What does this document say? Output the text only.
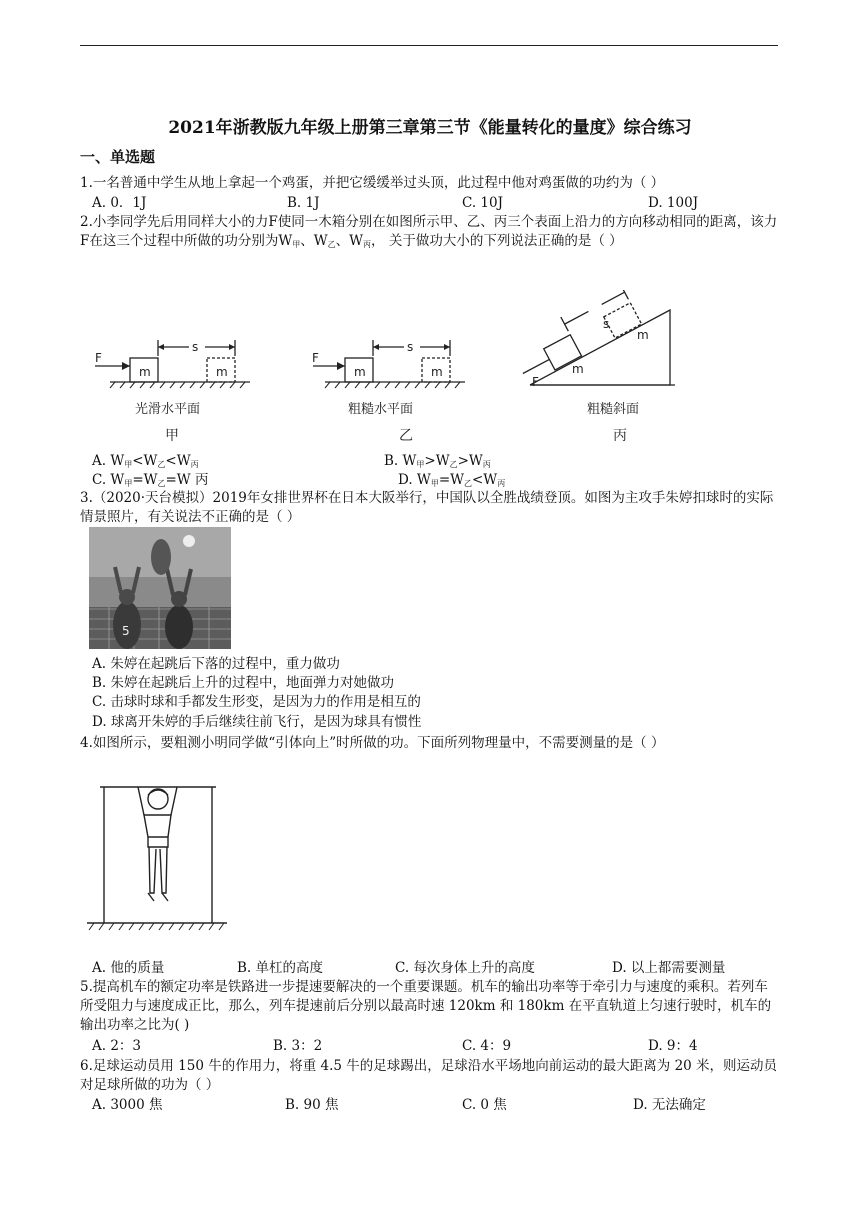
2021年浙教版九年级上册第三章第三节《能量转化的量度》综合练习
一、单选题
1.一名普通中学生从地上拿起一个鸡蛋，并把它缓缓举过头顶，此过程中他对鸡蛋做的功约为（ ）
A. 0．1J	B. 1J	C. 10J	D. 100J
2.小李同学先后用同样大小的力F使同一木箱分别在如图所示甲、乙、丙三个表面上沿力的方向移动相同的距离，该力F在这三个过程中所做的功分别为$W_甲$、$W_乙$、$W_丙$， 关于做功大小的下列说法正确的是（ ）
F
m
s
m
F
m
s
m
F
m
s
m
光滑水平面	粗糙水平面	粗糙斜面
甲	乙	丙
A. $W_甲<W_乙<W_丙$	B. $W_甲>W_乙>W_丙$
C. $W_甲=W_乙=W$ 丙	D. $W_甲=W_乙<W_丙$
3.（2020·天台模拟）2019年女排世界杯在日本大阪举行，中国队以全胜战绩登顶。如图为主攻手朱婷扣球时的实际情景照片，有关说法不正确的是（ ）
5
A. 朱婷在起跳后下落的过程中，重力做功
B. 朱婷在起跳后上升的过程中，地面弹力对她做功
C. 击球时球和手都发生形变，是因为力的作用是相互的
D. 球离开朱婷的手后继续往前飞行，是因为球具有惯性
4.如图所示，要粗测小明同学做“引体向上”时所做的功。下面所列物理量中，不需要测量的是（ ）
A. 他的质量	B. 单杠的高度	C. 每次身体上升的高度	D. 以上都需要测量
5.提高机车的额定功率是铁路进一步提速要解决的一个重要课题。机车的输出功率等于牵引力与速度的乘积。若列车所受阻力与速度成正比，那么，列车提速前后分别以最高时速 120km 和 180km 在平直轨道上匀速行驶时，机车的输出功率之比为( )
A. 2：3	B. 3：2	C. 4：9	D. 9：4
6.足球运动员用 150 牛的作用力，将重 4.5 牛的足球踢出，足球沿水平场地向前运动的最大距离为 20 米，则运动员对足球所做的功为（ ）
A. 3000 焦	B. 90 焦	C. 0 焦	D. 无法确定
